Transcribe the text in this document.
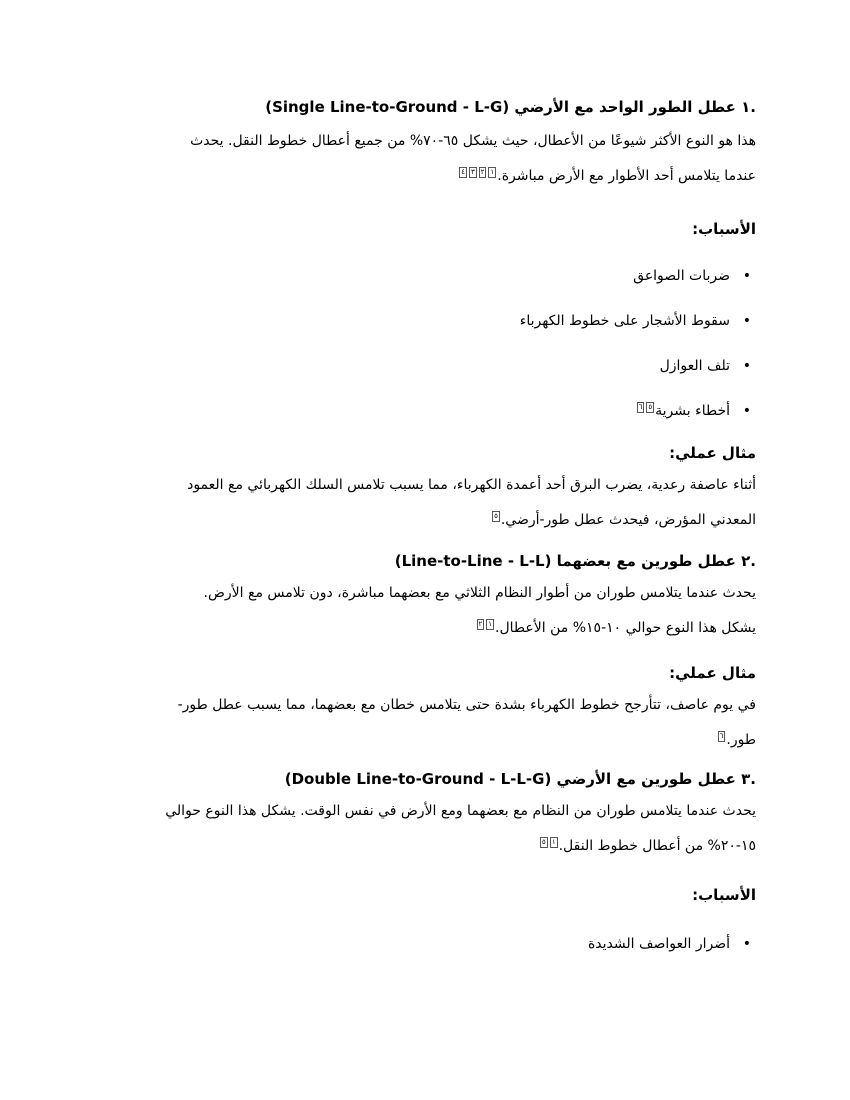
.١ عطل الطور الواحد مع الأرضي (Single Line-to-Ground - L-G)

هذا هو النوع الأكثر شيوعًا من الأعطال، حيث يشكل ٦٥-٧٠% من جميع أعطال خطوط النقل. يحدث

عندما يتلامس أحد الأطوار مع الأرض مباشرة.$^{١٢٣٤}$

الأسباب:

• ضربات الصواعق
• سقوط الأشجار على خطوط الكهرباء
• تلف العوازل
• أخطاء بشرية$^{٥٦}$

مثال عملي:

أثناء عاصفة رعدية، يضرب البرق أحد أعمدة الكهرباء، مما يسبب تلامس السلك الكهربائي مع العمود

المعدني المؤرض، فيحدث عطل طور-أرضي.$^٥$

.٢ عطل طورين مع بعضهما (Line-to-Line - L-L)

يحدث عندما يتلامس طوران من أطوار النظام الثلاثي مع بعضهما مباشرة، دون تلامس مع الأرض.

يشكل هذا النوع حوالي ١٠-١٥% من الأعطال.$^{١٢}$

مثال عملي:

في يوم عاصف، تتأرجح خطوط الكهرباء بشدة حتى يتلامس خطان مع بعضهما، مما يسبب عطل طور-

طور.$^٦$

.٣ عطل طورين مع الأرضي (Double Line-to-Ground - L-L-G)

يحدث عندما يتلامس طوران من النظام مع بعضهما ومع الأرض في نفس الوقت. يشكل هذا النوع حوالي

١٥-٢٠% من أعطال خطوط النقل.$^{١٥}$

الأسباب:

• أضرار العواصف الشديدة
